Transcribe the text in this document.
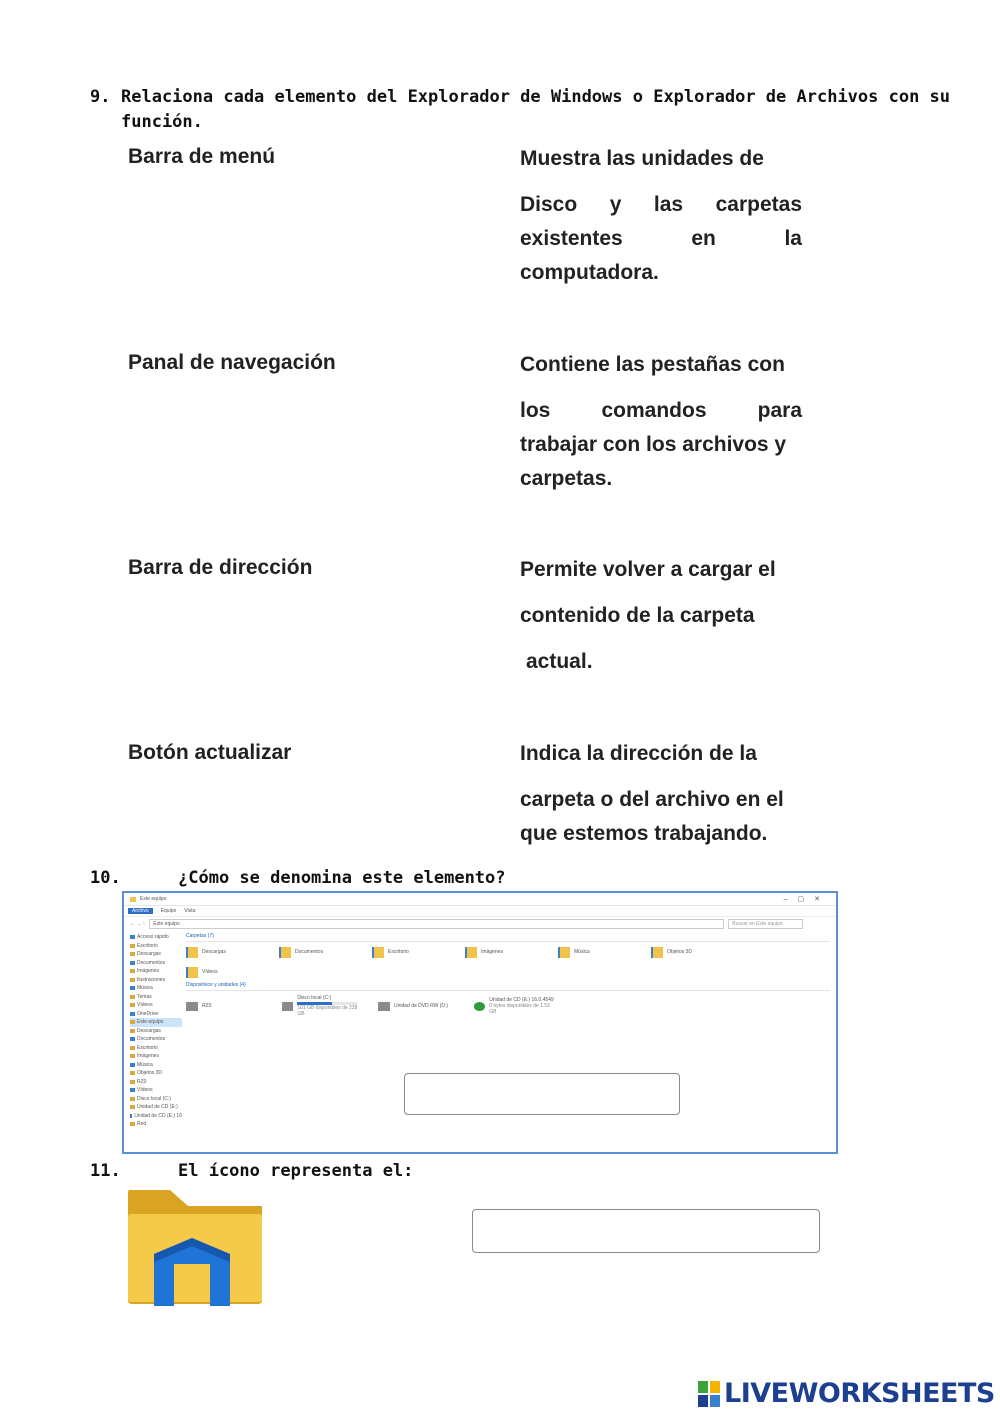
9. Relaciona cada elemento del Explorador de Windows o Explorador de Archivos con su
función.
Barra de menú
Panal de navegación
Barra de dirección
Botón actualizar
Muestra las unidades de
Disco y las carpetas
existentes en la
computadora.
Contiene las pestañas con
los comandos para
trabajar con los archivos y
carpetas.
Permite volver a cargar el
contenido de la carpeta
actual.
Indica la dirección de la
carpeta o del archivo en el
que estemos trabajando.
10.	¿Cómo se denomina este elemento?
Este equipo	–▢✕
Archivo	Equipo Vista
← → ↑ Este equipo	Buscar en Este equipo
Acceso rápido
Escritorio
Descargas
Documentos
Imágenes
Ilustraciones
Música
Temas
Vídeos
OneDrive
Este equipo
Descargas
Documentos
Escritorio
Imágenes
Música
Objetos 3D
RZ0
Vídeos
Disco local (C:)
Unidad de CD (E:)
Unidad de CD (E:) 16
Red
Carpetas (7)
Descargas	Documentos	Escritorio	Imágenes	Música	Objetos 3D
Vídeos
Dispositivos y unidades (4)
RZ0
Disco local (C:)
101 GB disponibles de 238 GB
Unidad de DVD RW (D:)
Unidad de CD (E:) 16.0.4549
0 bytes disponibles de 1.53 GB
11.	El ícono representa el:
LIVEWORKSHEETS
